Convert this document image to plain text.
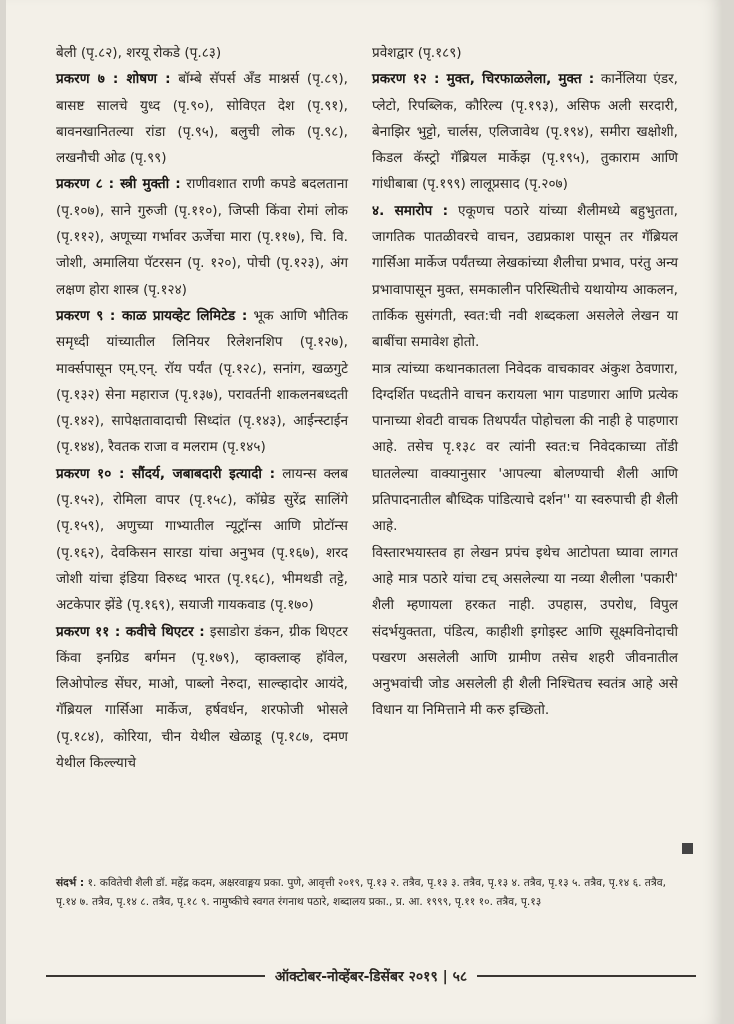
बेली (पृ.८२), शरयू रोकडे (पृ.८३)

प्रकरण ७ : शोषण : बॉम्बे सॅपर्स अँड माश्नर्स (पृ.८९), बासष्ट सालचे युध्द (पृ.९०), सोविएत देश (पृ.९१), बावनखानितल्या रांडा (पृ.९५), बलुची लोक (पृ.९८), लखनौची ओढ (पृ.९९)

प्रकरण ८ : स्त्री मुक्ती : राणीवशात राणी कपडे बदलताना (पृ.१०७), साने गुरुजी (पृ.११०), जिप्सी किंवा रोमां लोक (पृ.११२), अणूच्या गर्भावर ऊर्जेचा मारा (पृ.११७), चि. वि. जोशी, अमालिया पॅटरसन (पृ. १२०), पोची (पृ.१२३), अंग लक्षण होरा शास्त्र (पृ.१२४)

प्रकरण ९ : काळ प्रायव्हेट लिमिटेड : भूक आणि भौतिक समृध्दी यांच्यातील लिनियर रिलेशनशिप (पृ.१२७), मार्क्सपासून एम्.एन्. रॉय पर्यंत (पृ.१२८), सनांग, खळगुटे (पृ.१३२) सेना महाराज (पृ.१३७), परावर्तनी शाकलनबध्दती (पृ.१४२), सापेक्षतावादाची सिध्दांत (पृ.१४३), आईन्स्टाईन (पृ.१४४), रैवतक राजा व मलराम (पृ.१४५)

प्रकरण १० : सौंदर्य, जबाबदारी इत्यादी : लायन्स क्लब (पृ.१५२), रोमिला वापर (पृ.१५८), कॉम्रेड सुरेंद्र सालिंगे (पृ.१५९), अणुच्या गाभ्यातील न्यूट्रॉन्स आणि प्रोटॉन्स (पृ.१६२), देवकिसन सारडा यांचा अनुभव (पृ.१६७), शरद जोशी यांचा इंडिया विरुध्द भारत (पृ.१६८), भीमथडी तट्टे, अटकेपार झेंडे (पृ.१६९), सयाजी गायकवाड (पृ.१७०)

प्रकरण ११ : कवीचे थिएटर : इसाडोरा डंकन, ग्रीक थिएटर किंवा इनग्रिड बर्गमन (पृ.१७९), व्हाक्लाव्ह हॉवेल, लिओपोल्ड सेंघर, माओ, पाब्लो नेरुदा, साल्व्हादोर आयंदे, गॅब्रियल गार्सिआ मार्केज, हर्षवर्धन, शरफोजी भोसले (पृ.१८४), कोरिया, चीन येथील खेळाडू (पृ.१८७, दमण येथील किल्ल्याचे

प्रवेशद्वार (पृ.१८९)

प्रकरण १२ : मुक्त, चिरफाळलेला, मुक्त : कार्नेलिया एंडर, प्लेटो, रिपब्लिक, कौरिल्य (पृ.१९३), असिफ अली सरदारी, बेनाझिर भुट्टो, चार्लस, एलिजावेथ (पृ.१९४), समीरा खक्षोशी, किडल कॅस्ट्रो गॅब्रियल मार्केझ (पृ.१९५), तुकाराम आणि गांधीबाबा (पृ.१९९) लालूप्रसाद (पृ.२०७)

४. समारोप : एकूणच पठारे यांच्या शैलीमध्ये बहुभुतता, जागतिक पातळीवरचे वाचन, उद्यप्रकाश पासून तर गॅब्रियल गार्सिआ मार्केज पर्यंतच्या लेखकांच्या शैलीचा प्रभाव, परंतु अन्य प्रभावापासून मुक्त, समकालीन परिस्थितीचे यथायोग्य आकलन, तार्किक सुसंगती, स्वत:ची नवी शब्दकला असलेले लेखन या बाबींचा समावेश होतो.

मात्र त्यांच्या कथानकातला निवेदक वाचकावर अंकुश ठेवणारा, दिग्दर्शित पध्दतीने वाचन करायला भाग पाडणारा आणि प्रत्येक पानाच्या शेवटी वाचक तिथपर्यंत पोहोचला की नाही हे पाहणारा आहे. तसेच पृ.१३८ वर त्यांनी स्वत:च निवेदकाच्या तोंडी घातलेल्या वाक्यानुसार 'आपल्या बोलण्याची शैली आणि प्रतिपादनातील बौध्दिक पांडित्याचे दर्शन'' या स्वरुपाची ही शैली आहे.

विस्तारभयास्तव हा लेखन प्रपंच इथेच आटोपता घ्यावा लागत आहे मात्र पठारे यांचा टच् असलेल्या या नव्या शैलीला 'पकारी' शैली म्हणायला हरकत नाही. उपहास, उपरोध, विपुल संदर्भयुक्तता, पंडित्य, काहीशी इगोइस्ट आणि सूक्ष्मविनोदाची पखरण असलेली आणि ग्रामीण तसेच शहरी जीवनातील अनुभवांची जोड असलेली ही शैली निश्चितच स्वतंत्र आहे असे विधान या निमित्ताने मी करु इच्छितो.

संदर्भ : १. कवितेची शैली डॉ. महेंद्र कदम, अक्षरवाङ्मय प्रका. पुणे, आवृत्ती २०१९, पृ.१३ २. तत्रैव, पृ.१३ ३. तत्रैव, पृ.१३ ४. तत्रैव, पृ.१३ ५. तत्रैव, पृ.१४ ६. तत्रैव, पृ.१४ ७. तत्रैव, पृ.१४ ८. तत्रैव, पृ.१८ ९. नामुष्कीचे स्वगत रंगनाथ पठारे, शब्दालय प्रका., प्र. आ. १९९९, पृ.११ १०. तत्रैव, पृ.१३
ऑक्टोबर-नोव्हेंबर-डिसेंबर २०१९ | ५८
